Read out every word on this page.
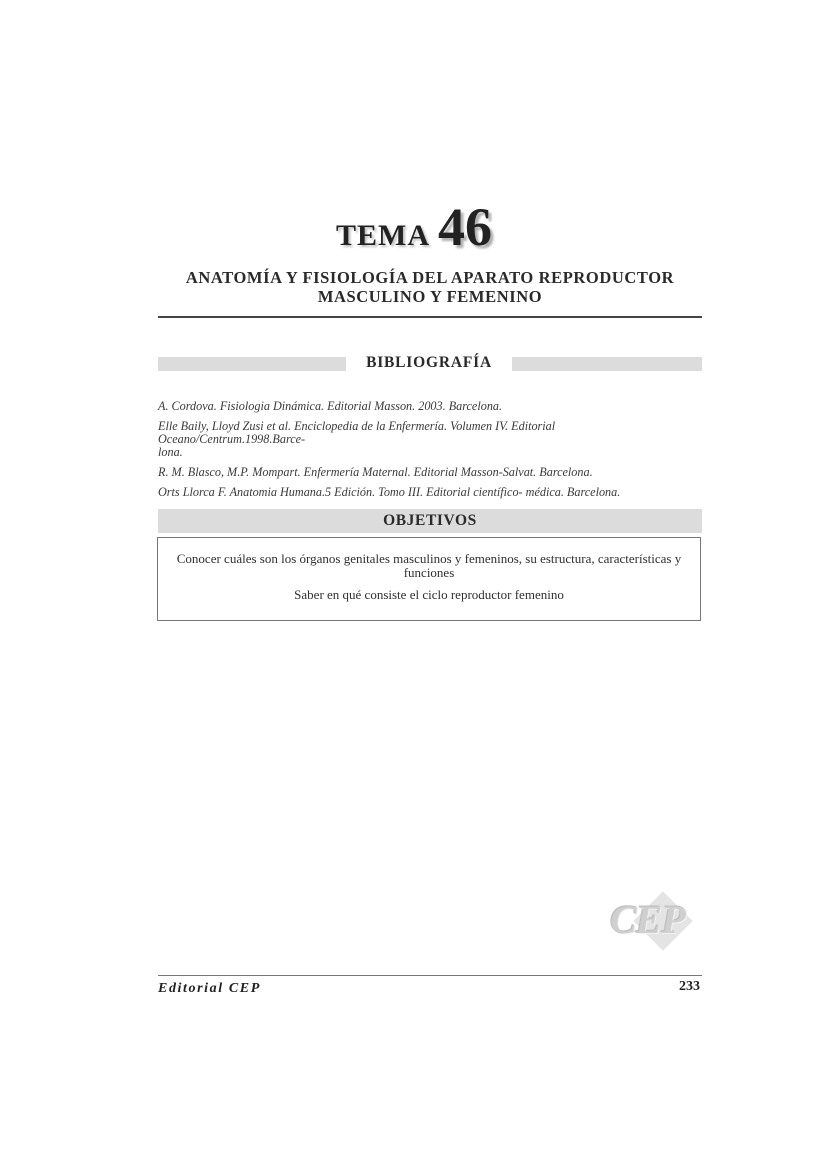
TEMA 46
ANATOMÍA Y FISIOLOGÍA DEL APARATO REPRODUCTOR
MASCULINO Y FEMENINO
BIBLIOGRAFÍA
A. Cordova. Fisiologia Dinámica. Editorial Masson. 2003. Barcelona.
Elle Baily, Lloyd Zusi et al. Enciclopedia de la Enfermería. Volumen IV. Editorial Oceano/Centrum.1998.Barce-
lona.
R. M. Blasco, M.P. Mompart. Enfermería Maternal. Editorial Masson-Salvat. Barcelona.
Orts Llorca F. Anatomia Humana.5 Edición. Tomo III. Editorial científico- médica. Barcelona.
OBJETIVOS
Conocer cuáles son los órganos genitales masculinos y femeninos, su estructura, características y funciones
Saber en qué consiste el ciclo reproductor femenino
CEP
Editorial CEP	233
